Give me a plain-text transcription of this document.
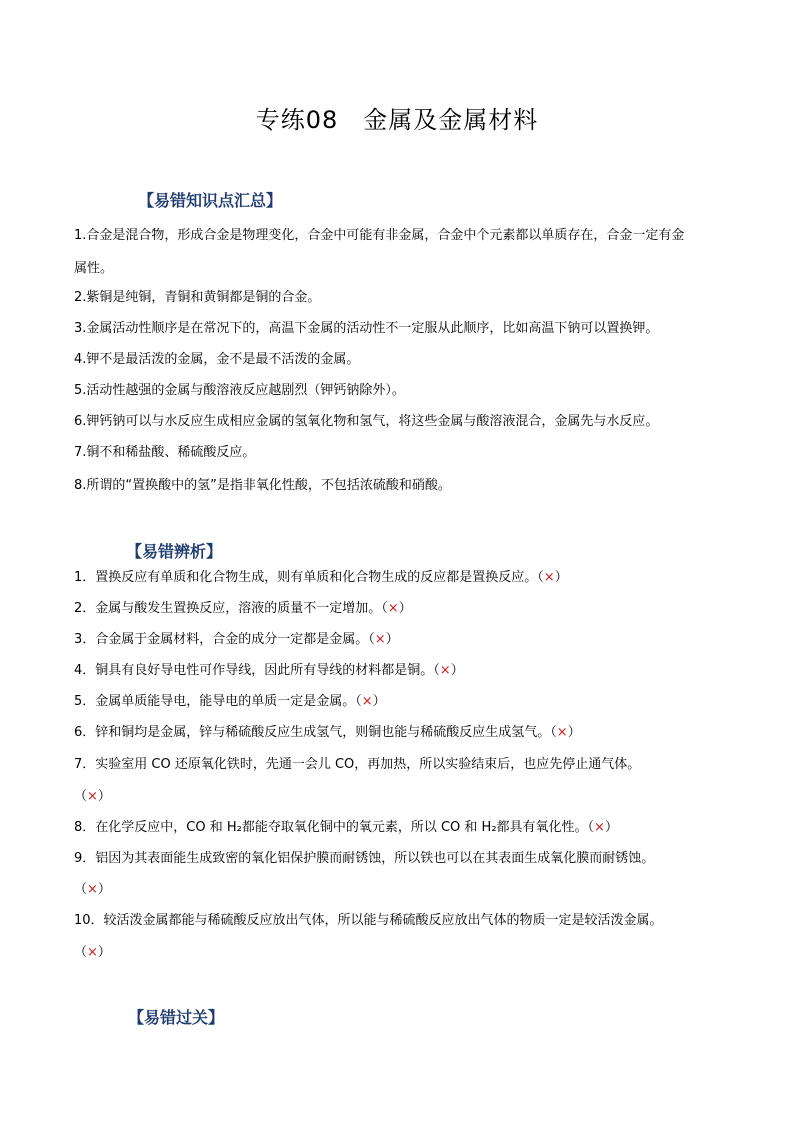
专练08　金属及金属材料
【易错知识点汇总】
1.合金是混合物，形成合金是物理变化，合金中可能有非金属，合金中个元素都以单质存在，合金一定有金
属性。
2.紫铜是纯铜，青铜和黄铜都是铜的合金。
3.金属活动性顺序是在常况下的，高温下金属的活动性不一定服从此顺序，比如高温下钠可以置换钾。
4.钾不是最活泼的金属，金不是最不活泼的金属。
5.活动性越强的金属与酸溶液反应越剧烈（钾钙钠除外）。
6.钾钙钠可以与水反应生成相应金属的氢氧化物和氢气，将这些金属与酸溶液混合，金属先与水反应。
7.铜不和稀盐酸、稀硫酸反应。
8.所谓的“置换酸中的氢”是指非氧化性酸，不包括浓硫酸和硝酸。
【易错辨析】
1．置换反应有单质和化合物生成，则有单质和化合物生成的反应都是置换反应。（×）
2．金属与酸发生置换反应，溶液的质量不一定增加。（×）
3．合金属于金属材料，合金的成分一定都是金属。（×）
4．铜具有良好导电性可作导线，因此所有导线的材料都是铜。（×）
5．金属单质能导电，能导电的单质一定是金属。（×）
6．锌和铜均是金属，锌与稀硫酸反应生成氢气，则铜也能与稀硫酸反应生成氢气。（×）
7．实验室用 CO 还原氧化铁时，先通一会儿 CO，再加热，所以实验结束后，也应先停止通气体。
（×）
8．在化学反应中，CO 和 H₂都能夺取氧化铜中的氧元素，所以 CO 和 H₂都具有氧化性。（×）
9．铝因为其表面能生成致密的氧化铝保护膜而耐锈蚀，所以铁也可以在其表面生成氧化膜而耐锈蚀。
（×）
10．较活泼金属都能与稀硫酸反应放出气体，所以能与稀硫酸反应放出气体的物质一定是较活泼金属。
（×）
【易错过关】
